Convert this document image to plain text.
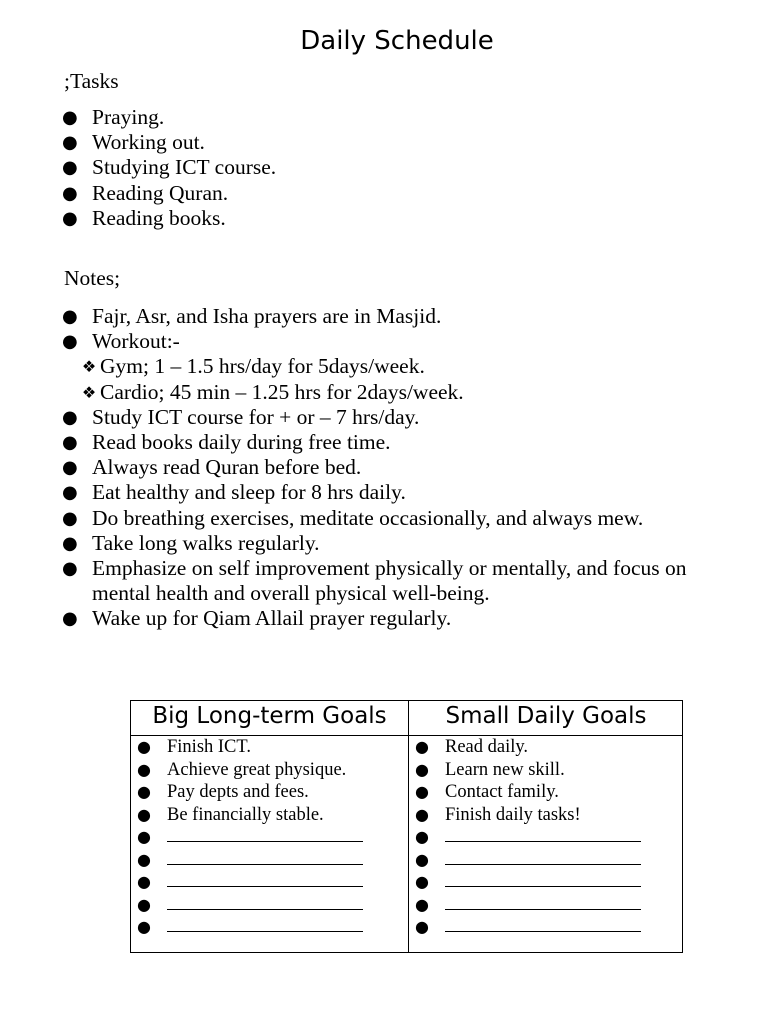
Daily Schedule
;Tasks
● Praying.
● Working out.
● Studying ICT course.
● Reading Quran.
● Reading books.
Notes;
● Fajr, Asr, and Isha prayers are in Masjid.
● Workout:-
❖ Gym; 1 – 1.5 hrs/day for 5days/week.
❖ Cardio; 45 min – 1.25 hrs for 2days/week.
● Study ICT course for + or – 7 hrs/day.
● Read books daily during free time.
● Always read Quran before bed.
● Eat healthy and sleep for 8 hrs daily.
● Do breathing exercises, meditate occasionally, and always mew.
● Take long walks regularly.
● Emphasize on self improvement physically or mentally, and focus on mental health and overall physical well-being.
● Wake up for Qiam Allail prayer regularly.
Big Long-term Goals
● Finish ICT.
● Achieve great physique.
● Pay depts and fees.
● Be financially stable.
●
●
●
●
●
Small Daily Goals
● Read daily.
● Learn new skill.
● Contact family.
● Finish daily tasks!
●
●
●
●
●
